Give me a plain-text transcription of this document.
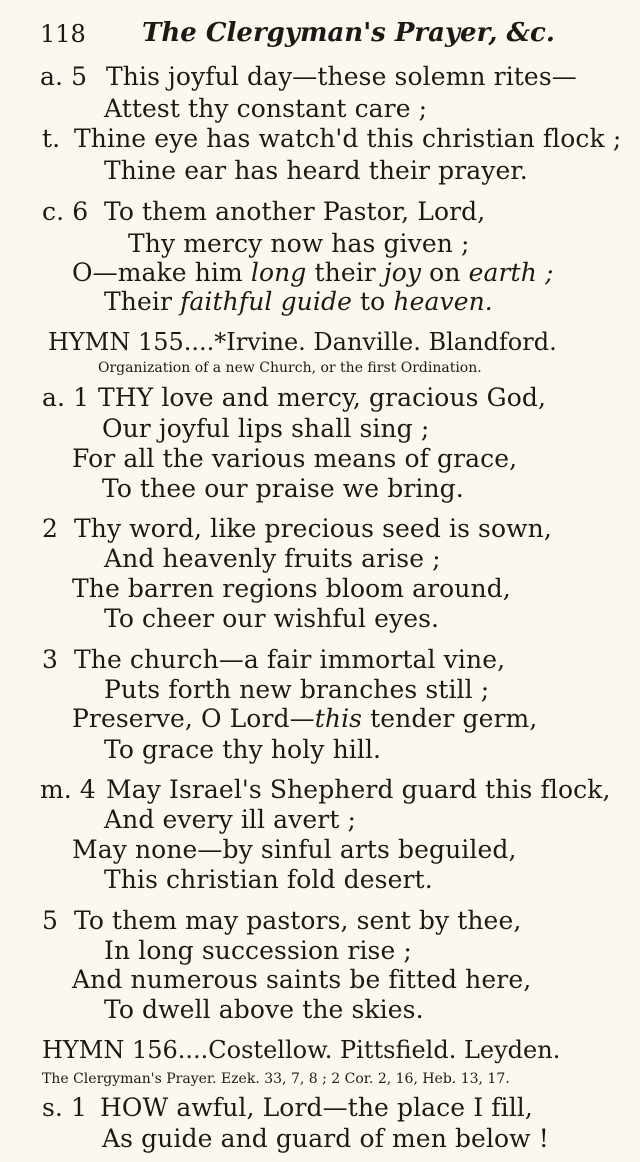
118 The Clergyman's Prayer, &c.
a. 5 This joyful day—these solemn rites—
Attest thy constant care ;
t. Thine eye has watch'd this christian flock ;
Thine ear has heard their prayer.
c. 6 To them another Pastor, Lord,
Thy mercy now has given ;
O—make him long their joy on earth ;
Their faithful guide to heaven.
HYMN 155....*Irvine. Danville. Blandford.
Organization of a new Church, or the first Ordination.
a. 1 THY love and mercy, gracious God,
Our joyful lips shall sing ;
For all the various means of grace,
To thee our praise we bring.
2 Thy word, like precious seed is sown,
And heavenly fruits arise ;
The barren regions bloom around,
To cheer our wishful eyes.
3 The church—a fair immortal vine,
Puts forth new branches still ;
Preserve, O Lord—this tender germ,
To grace thy holy hill.
m. 4 May Israel's Shepherd guard this flock,
And every ill avert ;
May none—by sinful arts beguiled,
This christian fold desert.
5 To them may pastors, sent by thee,
In long succession rise ;
And numerous saints be fitted here,
To dwell above the skies.
HYMN 156....Costellow. Pittsfield. Leyden.
The Clergyman's Prayer. Ezek. 33, 7, 8 ; 2 Cor. 2, 16, Heb. 13, 17.
s. 1 HOW awful, Lord—the place I fill,
As guide and guard of men below !
